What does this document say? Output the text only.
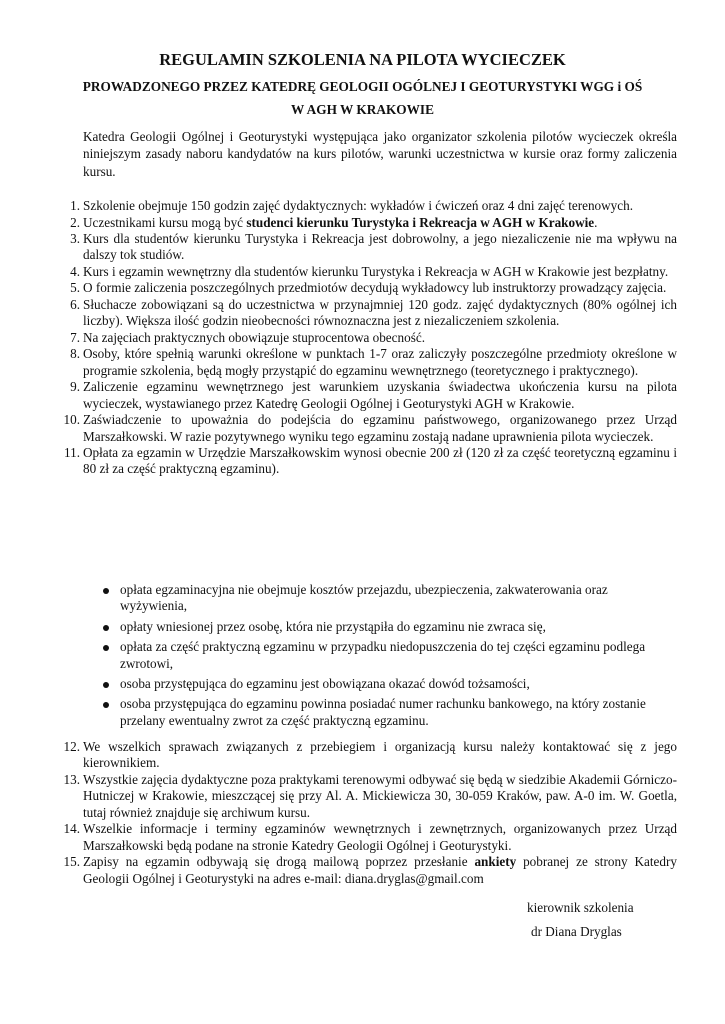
REGULAMIN SZKOLENIA NA PILOTA WYCIECZEK
PROWADZONEGO PRZEZ KATEDRĘ GEOLOGII OGÓLNEJ I GEOTURYSTYKI WGG i OŚ
W AGH W KRAKOWIE

Katedra Geologii Ogólnej i Geoturystyki występująca jako organizator szkolenia pilotów wycieczek określa niniejszym zasady naboru kandydatów na kurs pilotów, warunki uczestnictwa w kursie oraz formy zaliczenia kursu.

1. Szkolenie obejmuje 150 godzin zajęć dydaktycznych: wykładów i ćwiczeń oraz 4 dni zajęć terenowych.
2. Uczestnikami kursu mogą być studenci kierunku Turystyka i Rekreacja w AGH w Krakowie.
3. Kurs dla studentów kierunku Turystyka i Rekreacja jest dobrowolny, a jego niezaliczenie nie ma wpływu na dalszy tok studiów.
4. Kurs i egzamin wewnętrzny dla studentów kierunku Turystyka i Rekreacja w AGH w Krakowie jest bezpłatny.
5. O formie zaliczenia poszczególnych przedmiotów decydują wykładowcy lub instruktorzy prowadzący zajęcia.
6. Słuchacze zobowiązani są do uczestnictwa w przynajmniej 120 godz. zajęć dydaktycznych (80% ogólnej ich liczby). Większa ilość godzin nieobecności równoznaczna jest z niezaliczeniem szkolenia.
7. Na zajęciach praktycznych obowiązuje stuprocentowa obecność.
8. Osoby, które spełnią warunki określone w punktach 1-7 oraz zaliczyły poszczególne przedmioty określone w programie szkolenia, będą mogły przystąpić do egzaminu wewnętrznego (teoretycznego i praktycznego).
9. Zaliczenie egzaminu wewnętrznego jest warunkiem uzyskania świadectwa ukończenia kursu na pilota wycieczek, wystawianego przez Katedrę Geologii Ogólnej i Geoturystyki AGH w Krakowie.
10. Zaświadczenie to upoważnia do podejścia do egzaminu państwowego, organizowanego przez Urząd Marszałkowski. W razie pozytywnego wyniku tego egzaminu zostają nadane uprawnienia pilota wycieczek.
11. Opłata za egzamin w Urzędzie Marszałkowskim wynosi obecnie 200 zł (120 zł za część teoretyczną egzaminu i 80 zł za część praktyczną egzaminu).
opłata egzaminacyjna nie obejmuje kosztów przejazdu, ubezpieczenia, zakwaterowania oraz wyżywienia,
opłaty wniesionej przez osobę, która nie przystąpiła do egzaminu nie zwraca się,
opłata za część praktyczną egzaminu w przypadku niedopuszczenia do tej części egzaminu podlega zwrotowi,
osoba przystępująca do egzaminu jest obowiązana okazać dowód tożsamości,
osoba przystępująca do egzaminu powinna posiadać numer rachunku bankowego, na który zostanie przelany ewentualny zwrot za część praktyczną egzaminu.
12. We wszelkich sprawach związanych z przebiegiem i organizacją kursu należy kontaktować się z jego kierownikiem.
13. Wszystkie zajęcia dydaktyczne poza praktykami terenowymi odbywać się będą w siedzibie Akademii Górniczo-Hutniczej w Krakowie, mieszczącej się przy Al. A. Mickiewicza 30, 30-059 Kraków, paw. A-0 im. W. Goetla, tutaj również znajduje się archiwum kursu.
14. Wszelkie informacje i terminy egzaminów wewnętrznych i zewnętrznych, organizowanych przez Urząd Marszałkowski będą podane na stronie Katedry Geologii Ogólnej i Geoturystyki.
15. Zapisy na egzamin odbywają się drogą mailową poprzez przesłanie ankiety pobranej ze strony Katedry Geologii Ogólnej i Geoturystyki na adres e-mail: diana.dryglas@gmail.com

kierownik szkolenia

dr Diana Dryglas
